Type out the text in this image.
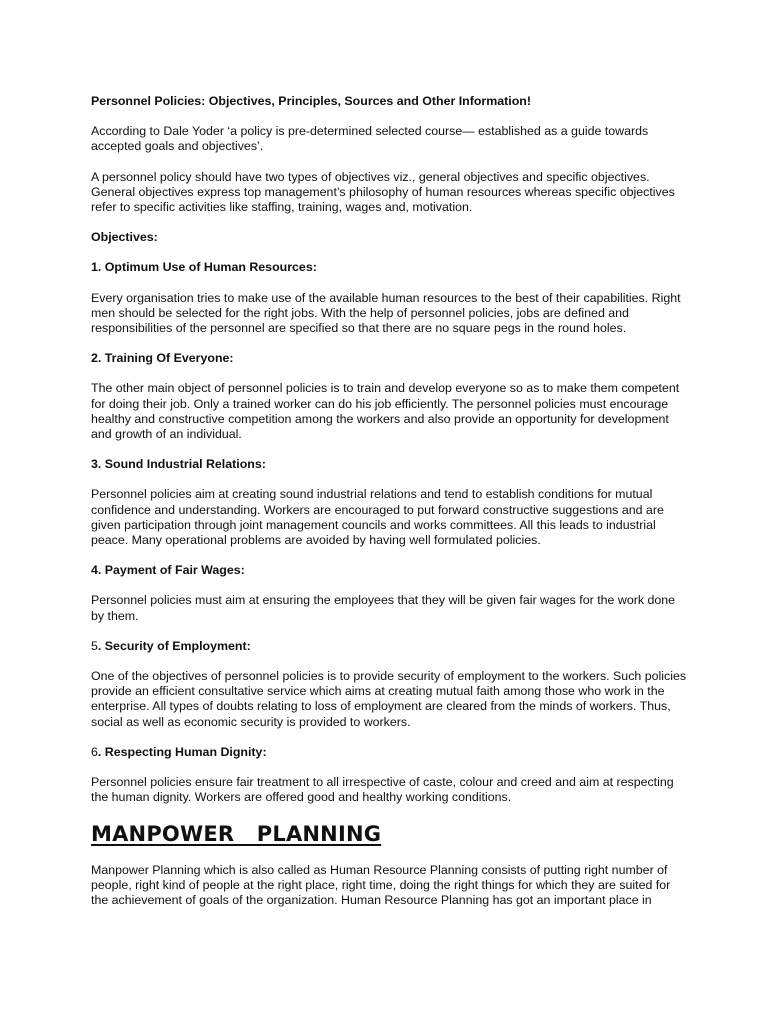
Personnel Policies: Objectives, Principles, Sources and Other Information!

According to Dale Yoder ‘a policy is pre-determined selected course— established as a guide towards accepted goals and objectives’.

A personnel policy should have two types of objectives viz., general objectives and specific objectives. General objectives express top management’s philosophy of human resources whereas specific objectives refer to specific activities like staffing, training, wages and, motivation.

Objectives:

1. Optimum Use of Human Resources:

Every organisation tries to make use of the available human resources to the best of their capabilities. Right men should be selected for the right jobs. With the help of personnel policies, jobs are defined and responsibilities of the personnel are specified so that there are no square pegs in the round holes.

2. Training Of Everyone:

The other main object of personnel policies is to train and develop everyone so as to make them competent for doing their job. Only a trained worker can do his job efficiently. The personnel policies must encourage healthy and constructive competition among the workers and also provide an opportunity for development and growth of an individual.

3. Sound Industrial Relations:

Personnel policies aim at creating sound industrial relations and tend to establish conditions for mutual confidence and understanding. Workers are encouraged to put forward constructive suggestions and are given participation through joint management councils and works committees. All this leads to industrial peace. Many operational problems are avoided by having well formulated policies.

4. Payment of Fair Wages:

Personnel policies must aim at ensuring the employees that they will be given fair wages for the work done by them.

5. Security of Employment:

One of the objectives of personnel policies is to provide security of employment to the workers. Such policies provide an efficient consultative service which aims at creating mutual faith among those who work in the enterprise. All types of doubts relating to loss of employment are cleared from the minds of workers. Thus, social as well as economic security is provided to workers.

6. Respecting Human Dignity:

Personnel policies ensure fair treatment to all irrespective of caste, colour and creed and aim at respecting the human dignity. Workers are offered good and healthy working conditions.

MANPOWER   PLANNING

Manpower Planning which is also called as Human Resource Planning consists of putting right number of people, right kind of people at the right place, right time, doing the right things for which they are suited for the achievement of goals of the organization. Human Resource Planning has got an important place in
